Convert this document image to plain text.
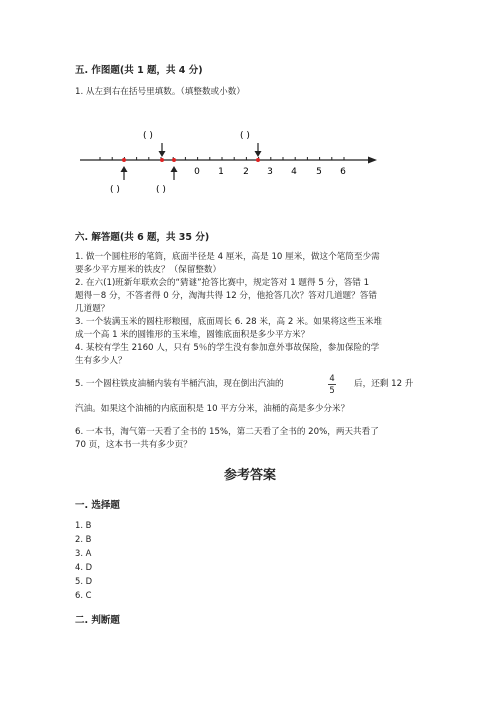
五. 作图题(共 1 题，共 4 分)
1. 从左到右在括号里填数。（填整数或小数）
( )	( )
0 1 2 3 4 5 6
( )	( )
六. 解答题(共 6 题，共 35 分)
1. 做一个圆柱形的笔筒，底面半径是 4 厘米，高是 10 厘米，做这个笔筒至少需
要多少平方厘米的铁皮？（保留整数）
2. 在六(1)班新年联欢会的“猜谜”抢答比赛中，规定答对 1 题得 5 分，答错 1
题得－8 分，不答者得 0 分，淘淘共得 12 分，他抢答几次？答对几道题？答错
几道题？
3. 一个装满玉米的圆柱形粮囤，底面周长 6. 28 米，高 2 米。如果将这些玉米堆
成一个高 1 米的圆锥形的玉米堆，圆锥底面积是多少平方米？
4. 某校有学生 2160 人，只有 5％的学生没有参加意外事故保险，参加保险的学
生有多少人？
5. 一个圆柱铁皮油桶内装有半桶汽油，现在倒出汽油的
4
5
后，还剩 12 升
汽油。如果这个油桶的内底面积是 10 平方分米，油桶的高是多少分米？
6. 一本书，淘气第一天看了全书的 15%，第二天看了全书的 20%，两天共看了
70 页，这本书一共有多少页？
参考答案
一. 选择题
1. B
2. B
3. A
4. D
5. D
6. C
二. 判断题
